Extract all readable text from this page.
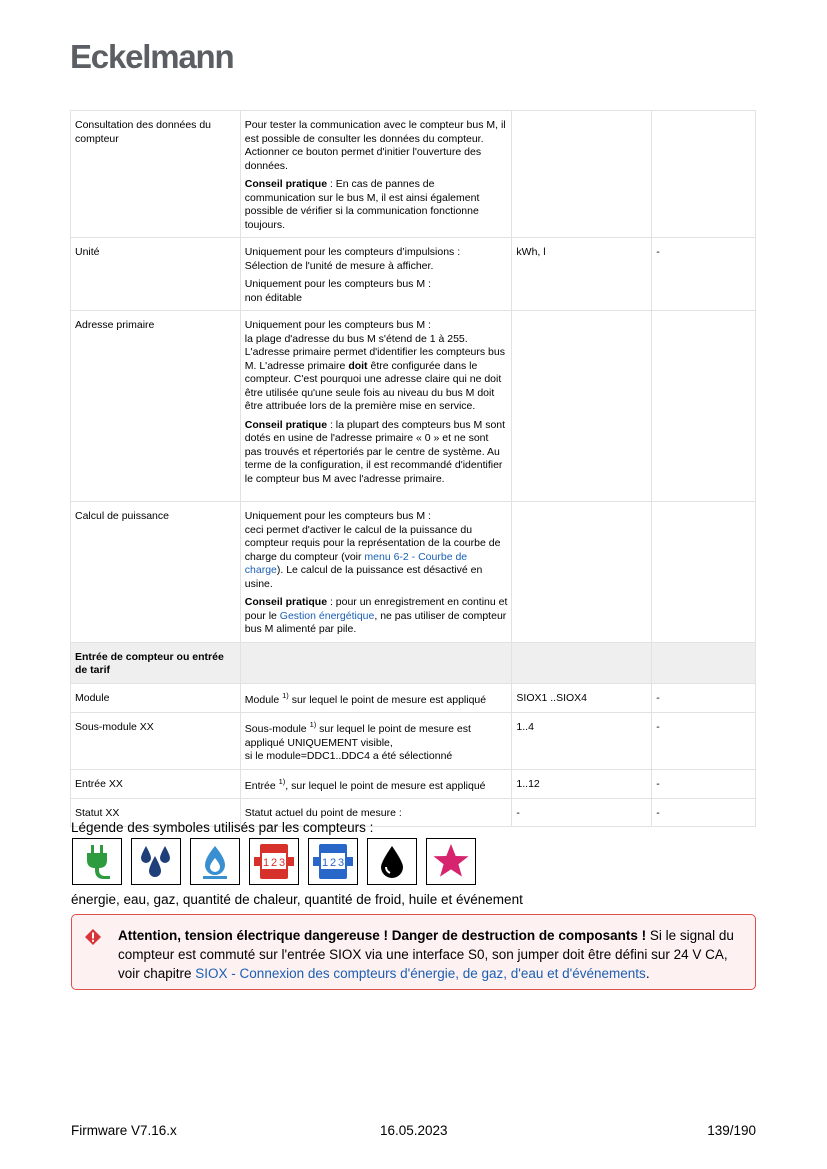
Eckelmann
Consultation des données du compteur	Pour tester la communication avec le compteur bus M, il est possible de consulter les données du compteur. Actionner ce bouton permet d'initier l'ouverture des données.

Conseil pratique : En cas de pannes de communication sur le bus M, il est ainsi également possible de vérifier si la communication fonctionne toujours.		

Unité	Uniquement pour les compteurs d’impulsions :
Sélection de l'unité de mesure à afficher.

Uniquement pour les compteurs bus M :
non éditable	kWh, l	-
Adresse primaire	Uniquement pour les compteurs bus M :
la plage d'adresse du bus M s'étend de 1 à 255. L'adresse primaire permet d'identifier les compteurs bus M. L'adresse primaire doit être configurée dans le compteur. C'est pourquoi une adresse claire qui ne doit être utilisée qu'une seule fois au niveau du bus M doit être attribuée lors de la première mise en service.

Conseil pratique : la plupart des compteurs bus M sont dotés en usine de l'adresse primaire « 0 » et ne sont pas trouvés et répertoriés par le centre de système. Au terme de la configuration, il est recommandé d'identifier le compteur bus M avec l'adresse primaire.		

Calcul de puissance	Uniquement pour les compteurs bus M :
ceci permet d'activer le calcul de la puissance du compteur requis pour la représentation de la courbe de charge du compteur (voir menu 6-2 - Courbe de charge). Le calcul de la puissance est désactivé en usine.

Conseil pratique : pour un enregistrement en continu et pour le Gestion énergétique, ne pas utiliser de compteur bus M alimenté par pile.		

Entrée de compteur ou entrée de tarif			
Module	Module $^{1)}$ sur lequel le point de mesure est appliqué	SIOX1 ..SIOX4	-
Sous-module XX	Sous-module $^{1)}$ sur lequel le point de mesure est appliqué UNIQUEMENT visible,
si le module=DDC1..DDC4 a été sélectionné	1..4	-
Entrée XX	Entrée $^{1)}$, sur lequel le point de mesure est appliqué	1..12	-
Statut XX	Statut actuel du point de mesure :	-	-
Légende des symboles utilisés par les compteurs :
1 2 3	1 2 3
énergie, eau, gaz, quantité de chaleur, quantité de froid, huile et événement
Attention, tension électrique dangereuse ! Danger de destruction de composants ! Si le signal du compteur est commuté sur l'entrée SIOX via une interface S0, son jumper doit être défini sur 24 V CA, voir chapitre SIOX - Connexion des compteurs d'énergie, de gaz, d'eau et d'événements.
Firmware V7.16.x	16.05.2023	139/190
